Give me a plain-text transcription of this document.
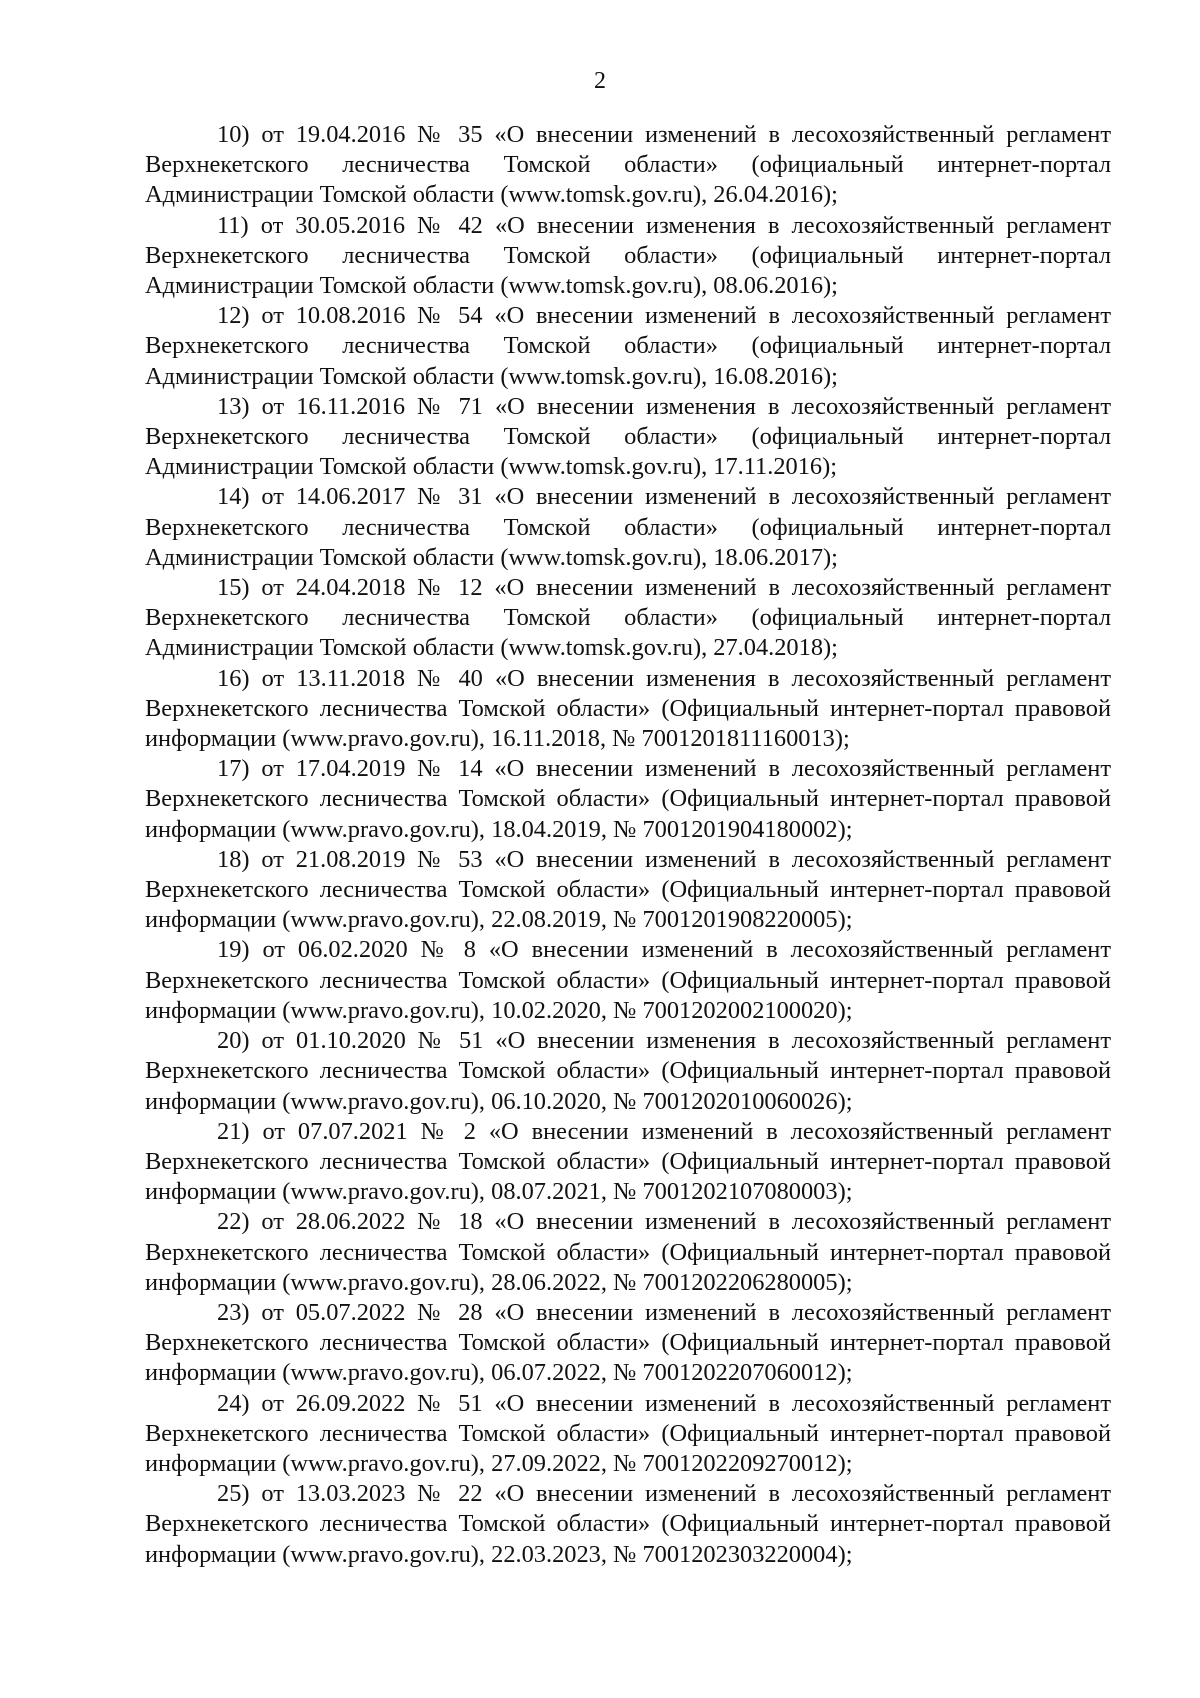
2

10) от 19.04.2016 № 35 «О внесении изменений в лесохозяйственный регламент Верхнекетского лесничества Томской области» (официальный интернет-портал Администрации Томской области (www.tomsk.gov.ru), 26.04.2016);

11) от 30.05.2016 № 42 «О внесении изменения в лесохозяйственный регламент Верхнекетского лесничества Томской области» (официальный интернет-портал Администрации Томской области (www.tomsk.gov.ru), 08.06.2016);

12) от 10.08.2016 № 54 «О внесении изменений в лесохозяйственный регламент Верхнекетского лесничества Томской области» (официальный интернет-портал Администрации Томской области (www.tomsk.gov.ru), 16.08.2016);

13) от 16.11.2016 № 71 «О внесении изменения в лесохозяйственный регламент Верхнекетского лесничества Томской области» (официальный интернет-портал Администрации Томской области (www.tomsk.gov.ru), 17.11.2016);

14) от 14.06.2017 № 31 «О внесении изменений в лесохозяйственный регламент Верхнекетского лесничества Томской области» (официальный интернет-портал Администрации Томской области (www.tomsk.gov.ru), 18.06.2017);

15) от 24.04.2018 № 12 «О внесении изменений в лесохозяйственный регламент Верхнекетского лесничества Томской области» (официальный интернет-портал Администрации Томской области (www.tomsk.gov.ru), 27.04.2018);

16) от 13.11.2018 № 40 «О внесении изменения в лесохозяйственный регламент Верхнекетского лесничества Томской области» (Официальный интернет-портал правовой информации (www.pravo.gov.ru), 16.11.2018, № 7001201811160013);

17) от 17.04.2019 № 14 «О внесении изменений в лесохозяйственный регламент Верхнекетского лесничества Томской области» (Официальный интернет-портал правовой информации (www.pravo.gov.ru), 18.04.2019, № 7001201904180002);

18) от 21.08.2019 № 53 «О внесении изменений в лесохозяйственный регламент Верхнекетского лесничества Томской области» (Официальный интернет-портал правовой информации (www.pravo.gov.ru), 22.08.2019, № 7001201908220005);

19) от 06.02.2020 № 8 «О внесении изменений в лесохозяйственный регламент Верхнекетского лесничества Томской области» (Официальный интернет-портал правовой информации (www.pravo.gov.ru), 10.02.2020, № 7001202002100020);

20) от 01.10.2020 № 51 «О внесении изменения в лесохозяйственный регламент Верхнекетского лесничества Томской области» (Официальный интернет-портал правовой информации (www.pravo.gov.ru), 06.10.2020, № 7001202010060026);

21) от 07.07.2021 № 2 «О внесении изменений в лесохозяйственный регламент Верхнекетского лесничества Томской области» (Официальный интернет-портал правовой информации (www.pravo.gov.ru), 08.07.2021, № 7001202107080003);

22) от 28.06.2022 № 18 «О внесении изменений в лесохозяйственный регламент Верхнекетского лесничества Томской области» (Официальный интернет-портал правовой информации (www.pravo.gov.ru), 28.06.2022, № 7001202206280005);

23) от 05.07.2022 № 28 «О внесении изменений в лесохозяйственный регламент Верхнекетского лесничества Томской области» (Официальный интернет-портал правовой информации (www.pravo.gov.ru), 06.07.2022, № 7001202207060012);

24) от 26.09.2022 № 51 «О внесении изменений в лесохозяйственный регламент Верхнекетского лесничества Томской области» (Официальный интернет-портал правовой информации (www.pravo.gov.ru), 27.09.2022, № 7001202209270012);

25) от 13.03.2023 № 22 «О внесении изменений в лесохозяйственный регламент Верхнекетского лесничества Томской области» (Официальный интернет-портал правовой информации (www.pravo.gov.ru), 22.03.2023, № 7001202303220004);
